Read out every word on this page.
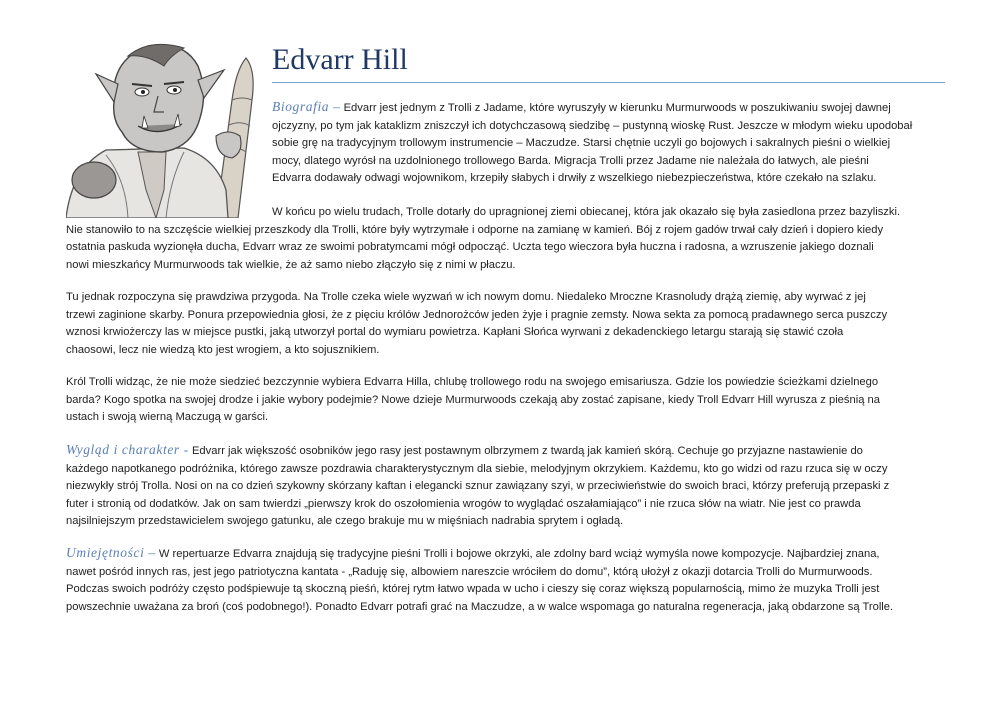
Edvarr Hill

Biografia – Edvarr jest jednym z Trolli z Jadame, które wyruszyły w kierunku Murmurwoods w poszukiwaniu swojej dawnej
ojczyzny, po tym jak kataklizm zniszczył ich dotychczasową siedzibę – pustynną wioskę Rust. Jeszcze w młodym wieku upodobał
sobie grę na tradycyjnym trollowym instrumencie – Maczudze. Starsi chętnie uczyli go bojowych i sakralnych pieśni o wielkiej
mocy, dlatego wyrósł na uzdolnionego trollowego Barda. Migracja Trolli przez Jadame nie należała do łatwych, ale pieśni
Edvarra dodawały odwagi wojownikom, krzepiły słabych i drwiły z wszelkiego niebezpieczeństwa, które czekało na szlaku.

W końcu po wielu trudach, Trolle dotarły do upragnionej ziemi obiecanej, która jak okazało się była zasiedlona przez bazyliszki.
Nie stanowiło to na szczęście wielkiej przeszkody dla Trolli, które były wytrzymałe i odporne na zamianę w kamień. Bój z rojem gadów trwał cały dzień i dopiero kiedy
ostatnia paskuda wyzionęła ducha, Edvarr wraz ze swoimi pobratymcami mógł odpocząć. Uczta tego wieczora była huczna i radosna, a wzruszenie jakiego doznali
nowi mieszkańcy Murmurwoods tak wielkie, że aż samo niebo złączyło się z nimi w płaczu.

Tu jednak rozpoczyna się prawdziwa przygoda. Na Trolle czeka wiele wyzwań w ich nowym domu. Niedaleko Mroczne Krasnoludy drążą ziemię, aby wyrwać z jej
trzewi zaginione skarby. Ponura przepowiednia głosi, że z pięciu królów Jednorożców jeden żyje i pragnie zemsty. Nowa sekta za pomocą pradawnego serca puszczy
wznosi krwiożerczy las w miejsce pustki, jaką utworzył portal do wymiaru powietrza. Kapłani Słońca wyrwani z dekadenckiego letargu starają się stawić czoła
chaosowi, lecz nie wiedzą kto jest wrogiem, a kto sojusznikiem.

Król Trolli widząc, że nie może siedzieć bezczynnie wybiera Edvarra Hilla, chlubę trollowego rodu na swojego emisariusza. Gdzie los powiedzie ścieżkami dzielnego
barda? Kogo spotka na swojej drodze i jakie wybory podejmie? Nowe dzieje Murmurwoods czekają aby zostać zapisane, kiedy Troll Edvarr Hill wyrusza z pieśnią na
ustach i swoją wierną Maczugą w garści.

Wygląd i charakter - Edvarr jak większość osobników jego rasy jest postawnym olbrzymem z twardą jak kamień skórą. Cechuje go przyjazne nastawienie do
każdego napotkanego podróżnika, którego zawsze pozdrawia charakterystycznym dla siebie, melodyjnym okrzykiem. Każdemu, kto go widzi od razu rzuca się w oczy
niezwykły strój Trolla. Nosi on na co dzień szykowny skórzany kaftan i elegancki sznur zawiązany szyi, w przeciwieństwie do swoich braci, którzy preferują przepaski z
futer i stronią od dodatków. Jak on sam twierdzi „pierwszy krok do oszołomienia wrogów to wyglądać oszałamiająco” i nie rzuca słów na wiatr. Nie jest co prawda
najsilniejszym przedstawicielem swojego gatunku, ale czego brakuje mu w mięśniach nadrabia sprytem i ogładą.

Umiejętności – W repertuarze Edvarra znajdują się tradycyjne pieśni Trolli i bojowe okrzyki, ale zdolny bard wciąż wymyśla nowe kompozycje. Najbardziej znana,
nawet pośród innych ras, jest jego patriotyczna kantata - „Raduję się, albowiem nareszcie wróciłem do domu”, którą ułożył z okazji dotarcia Trolli do Murmurwoods.
Podczas swoich podróży często podśpiewuje tą skoczną pieśń, której rytm łatwo wpada w ucho i cieszy się coraz większą popularnością, mimo że muzyka Trolli jest
powszechnie uważana za broń (coś podobnego!). Ponadto Edvarr potrafi grać na Maczudze, a w walce wspomaga go naturalna regeneracja, jaką obdarzone są Trolle.
